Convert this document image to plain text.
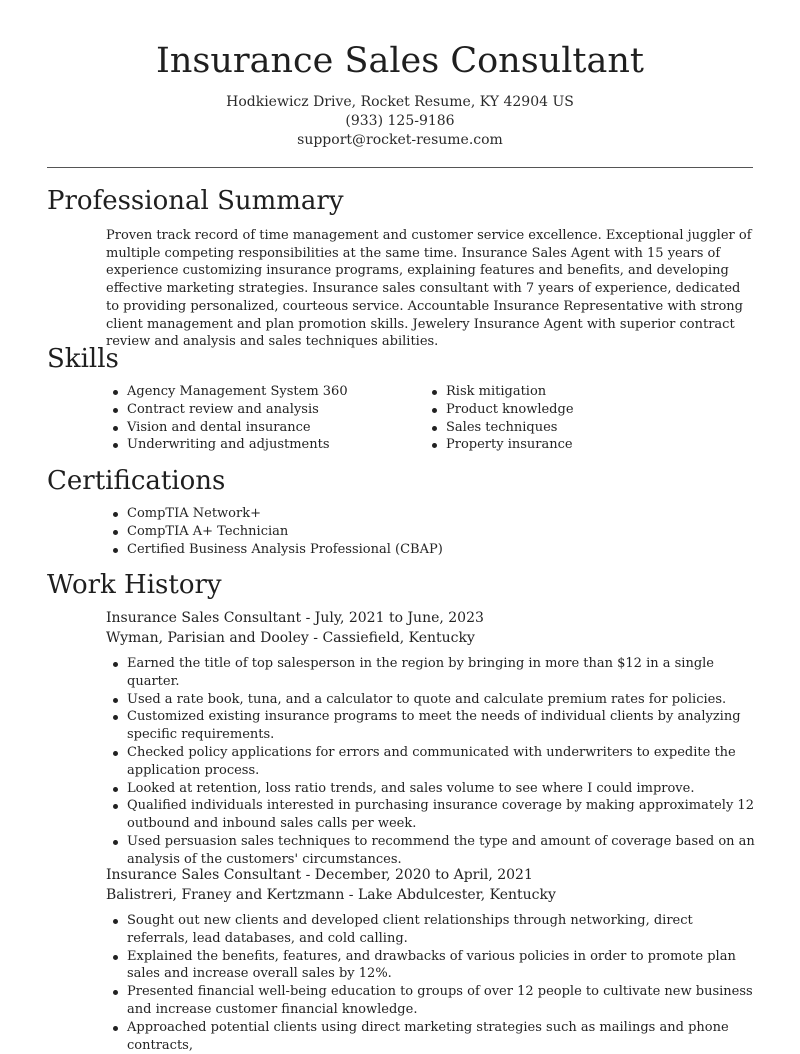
Insurance Sales Consultant
Hodkiewicz Drive, Rocket Resume, KY 42904 US
(933) 125-9186
support@rocket-resume.com
Professional Summary

Proven track record of time management and customer service excellence. Exceptional juggler of multiple competing responsibilities at the same time. Insurance Sales Agent with 15 years of experience customizing insurance programs, explaining features and benefits, and developing effective marketing strategies. Insurance sales consultant with 7 years of experience, dedicated to providing personalized, courteous service. Accountable Insurance Representative with strong client management and plan promotion skills. Jewelery Insurance Agent with superior contract review and analysis and sales techniques abilities.

Skills
Agency Management System 360
Contract review and analysis
Vision and dental insurance
Underwriting and adjustments
Risk mitigation
Product knowledge
Sales techniques
Property insurance
Certifications
CompTIA Network+
CompTIA A+ Technician
Certified Business Analysis Professional (CBAP)
Work History
Insurance Sales Consultant - July, 2021 to June, 2023
Wyman, Parisian and Dooley - Cassiefield, Kentucky
Earned the title of top salesperson in the region by bringing in more than $12 in a single quarter.
Used a rate book, tuna, and a calculator to quote and calculate premium rates for policies.
Customized existing insurance programs to meet the needs of individual clients by analyzing specific requirements.
Checked policy applications for errors and communicated with underwriters to expedite the application process.
Looked at retention, loss ratio trends, and sales volume to see where I could improve.
Qualified individuals interested in purchasing insurance coverage by making approximately 12 outbound and inbound sales calls per week.
Used persuasion sales techniques to recommend the type and amount of coverage based on an analysis of the customers' circumstances.
Insurance Sales Consultant - December, 2020 to April, 2021
Balistreri, Franey and Kertzmann - Lake Abdulcester, Kentucky
Sought out new clients and developed client relationships through networking, direct referrals, lead databases, and cold calling.
Explained the benefits, features, and drawbacks of various policies in order to promote plan sales and increase overall sales by 12%.
Presented financial well-being education to groups of over 12 people to cultivate new business and increase customer financial knowledge.
Approached potential clients using direct marketing strategies such as mailings and phone contracts,
